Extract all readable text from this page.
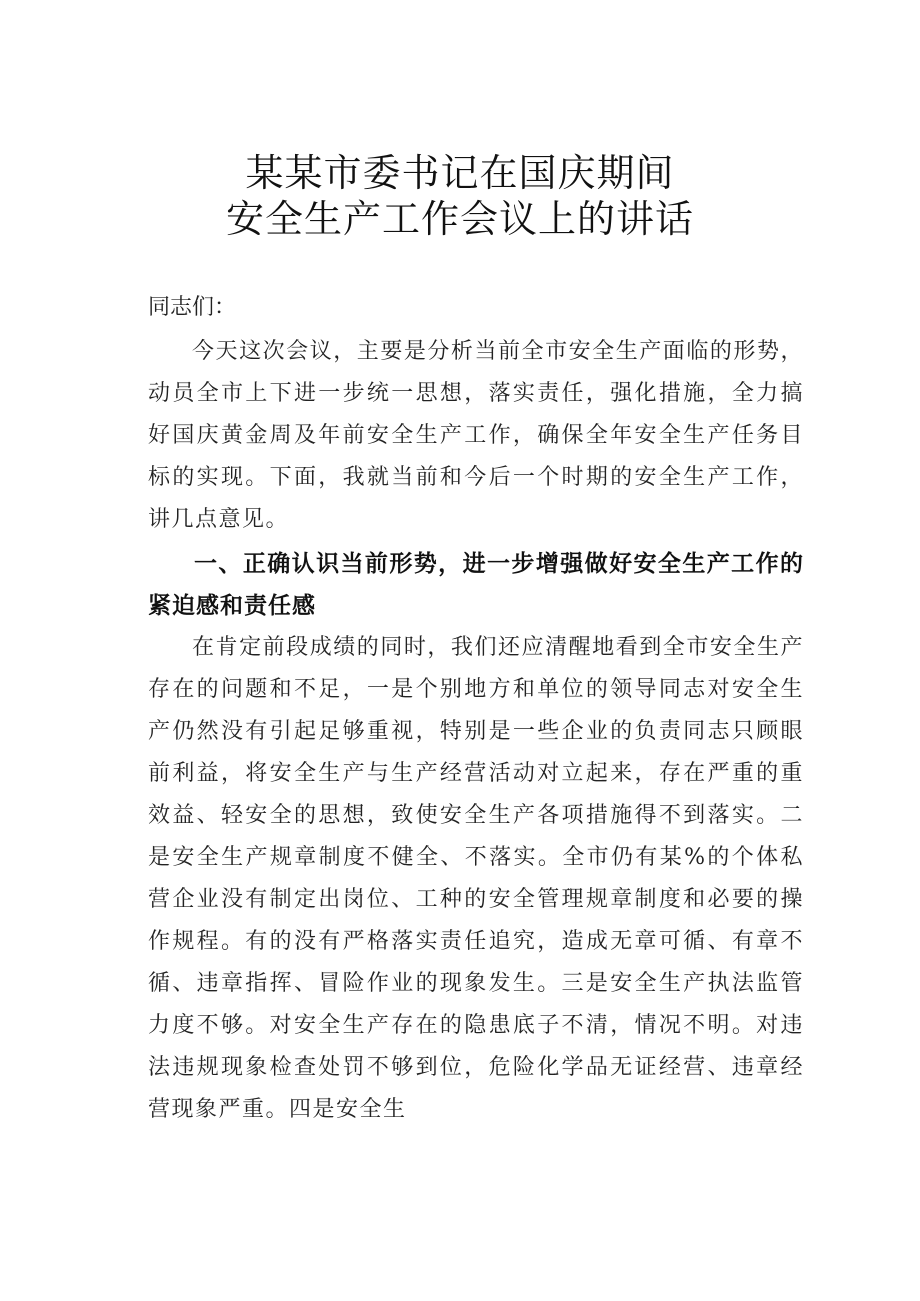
某某市委书记在国庆期间
安全生产工作会议上的讲话

同志们：

今天这次会议，主要是分析当前全市安全生产面临的形势，动员全市上下进一步统一思想，落实责任，强化措施，全力搞好国庆黄金周及年前安全生产工作，确保全年安全生产任务目标的实现。下面，我就当前和今后一个时期的安全生产工作，讲几点意见。

一、正确认识当前形势，进一步增强做好安全生产工作的紧迫感和责任感

在肯定前段成绩的同时，我们还应清醒地看到全市安全生产存在的问题和不足，一是个别地方和单位的领导同志对安全生产仍然没有引起足够重视，特别是一些企业的负责同志只顾眼前利益，将安全生产与生产经营活动对立起来，存在严重的重效益、轻安全的思想，致使安全生产各项措施得不到落实。二是安全生产规章制度不健全、不落实。全市仍有某%的个体私营企业没有制定出岗位、工种的安全管理规章制度和必要的操作规程。有的没有严格落实责任追究，造成无章可循、有章不循、违章指挥、冒险作业的现象发生。三是安全生产执法监管力度不够。对安全生产存在的隐患底子不清，情况不明。对违法违规现象检查处罚不够到位，危险化学品无证经营、违章经营现象严重。四是安全生
